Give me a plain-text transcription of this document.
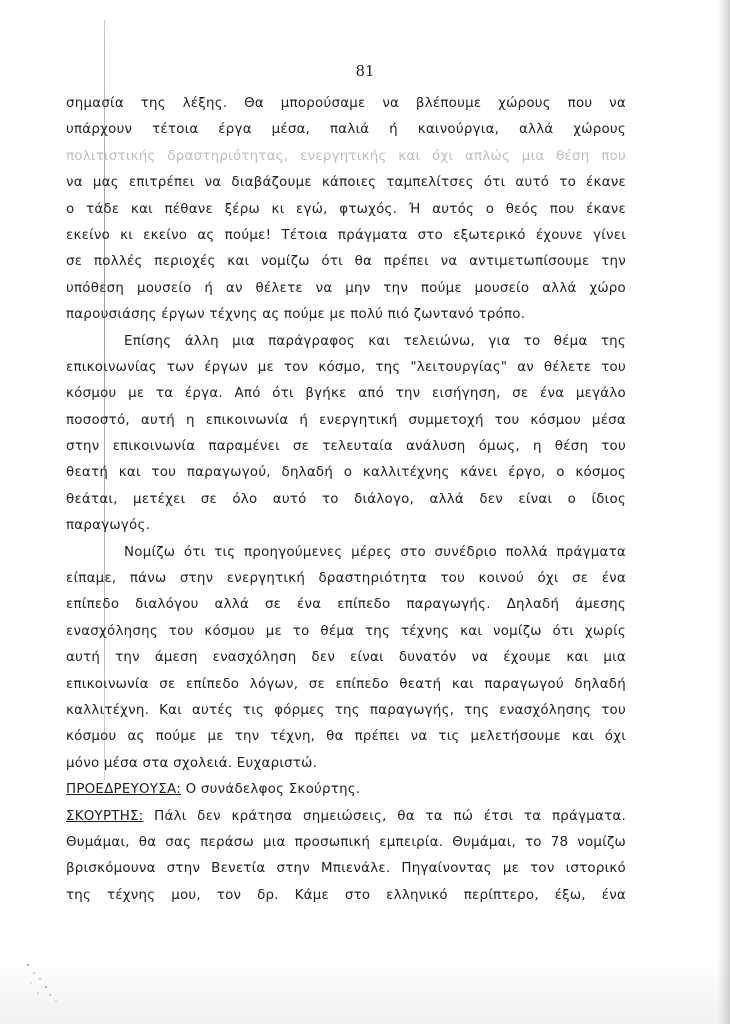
81
σημασία της λέξης. Θα μπορούσαμε να βλέπουμε χώρους που να
υπάρχουν τέτοια έργα μέσα, παλιά ή καινούργια, αλλά χώρους
πολιτιστικής δραστηριότητας, ενεργητικής και όχι απλώς μια θέση που
να μας επιτρέπει να διαβάζουμε κάποιες ταμπελίτσες ότι αυτό το έκανε
ο τάδε και πέθανε ξέρω κι εγώ, φτωχός. Ή αυτός ο θεός που έκανε
εκείνο κι εκείνο ας πούμε! Τέτοια πράγματα στο εξωτερικό έχουνε γίνει
σε πολλές περιοχές και νομίζω ότι θα πρέπει να αντιμετωπίσουμε την
υπόθεση μουσείο ή αν θέλετε να μην την πούμε μουσείο αλλά χώρο
παρουσιάσης έργων τέχνης ας πούμε με πολύ πιό ζωντανό τρόπο.
Επίσης άλλη μια παράγραφος και τελειώνω, για το θέμα της
επικοινωνίας των έργων με τον κόσμο, της "λειτουργίας" αν θέλετε του
κόσμου με τα έργα. Από ότι βγήκε από την εισήγηση, σε ένα μεγάλο
ποσοστό, αυτή η επικοινωνία ή ενεργητική συμμετοχή του κόσμου μέσα
στην επικοινωνία παραμένει σε τελευταία ανάλυση όμως, η θέση του
θεατή και του παραγωγού, δηλαδή ο καλλιτέχνης κάνει έργο, ο κόσμος
θεάται, μετέχει σε όλο αυτό το διάλογο, αλλά δεν είναι ο ίδιος
παραγωγός.
Νομίζω ότι τις προηγούμενες μέρες στο συνέδριο πολλά πράγματα
είπαμε, πάνω στην ενεργητική δραστηριότητα του κοινού όχι σε ένα
επίπεδο διαλόγου αλλά σε ένα επίπεδο παραγωγής. Δηλαδή άμεσης
ενασχόλησης του κόσμου με το θέμα της τέχνης και νομίζω ότι χωρίς
αυτή την άμεση ενασχόληση δεν είναι δυνατόν να έχουμε και μια
επικοινωνία σε επίπεδο λόγων, σε επίπεδο θεατή και παραγωγού δηλαδή
καλλιτέχνη. Και αυτές τις φόρμες της παραγωγής, της ενασχόλησης του
κόσμου ας πούμε με την τέχνη, θα πρέπει να τις μελετήσουμε και όχι
μόνο μέσα στα σχολειά. Ευχαριστώ.
ΠΡΟΕΔΡΕΥΟΥΣΑ: Ο συνάδελφος Σκούρτης.
ΣΚΟΥΡΤΗΣ: Πάλι δεν κράτησα σημειώσεις, θα τα πώ έτσι τα πράγματα.
Θυμάμαι, θα σας περάσω μια προσωπική εμπειρία. Θυμάμαι, το 78 νομίζω
βρισκόμουνα στην Βενετία στην Μπιενάλε. Πηγαίνοντας με τον ιστορικό
της τέχνης μου, τον δρ. Κάμε στο ελληνικό περίπτερο, έξω, ένα
